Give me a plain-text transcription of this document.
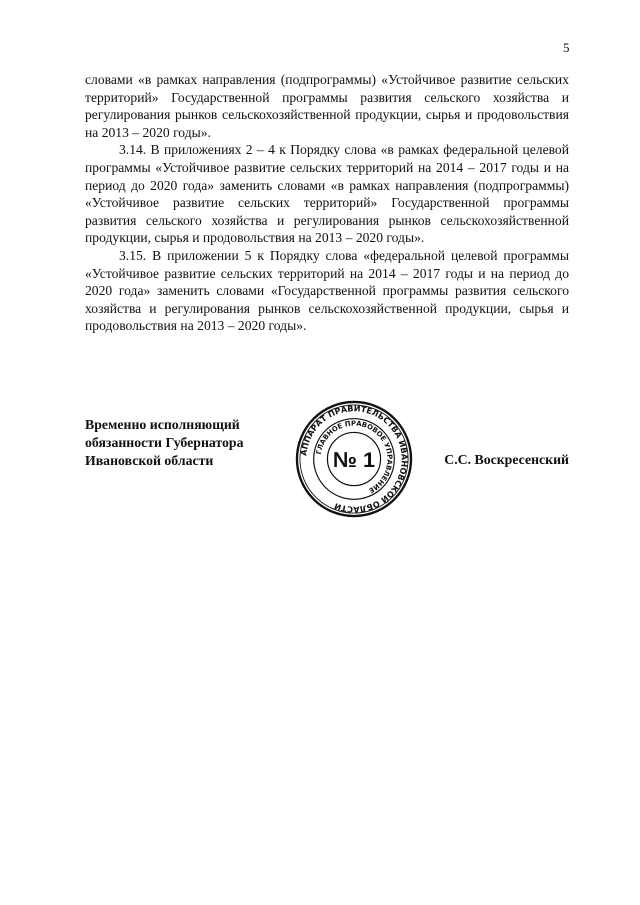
5

словами «в рамках направления (подпрограммы) «Устойчивое развитие сельских территорий» Государственной программы развития сельского хозяйства и регулирования рынков сельскохозяйственной продукции, сырья и продовольствия на 2013 – 2020 годы».

3.14. В приложениях 2 – 4 к Порядку слова «в рамках федеральной целевой программы «Устойчивое развитие сельских территорий на 2014 – 2017 годы и на период до 2020 года» заменить словами «в рамках направления (подпрограммы) «Устойчивое развитие сельских территорий» Государственной программы развития сельского хозяйства и регулирования рынков сельскохозяйственной продукции, сырья и продовольствия на 2013 – 2020 годы».

3.15. В приложении 5 к Порядку слова «федеральной целевой программы «Устойчивое развитие сельских территорий на 2014 – 2017 годы и на период до 2020 года» заменить словами «Государственной программы развития сельского хозяйства и регулирования рынков сельскохозяйственной продукции, сырья и продовольствия на 2013 – 2020 годы».

Временно исполняющий
обязанности Губернатора
Ивановской области	АППАРАТ ПРАВИТЕЛЬСТВА ИВАНОВСКОЙ ОБЛАСТИ
ГЛАВНОЕ ПРАВОВОЕ УПРАВЛЕНИЕ
№ 1	С.С. Воскресенский
